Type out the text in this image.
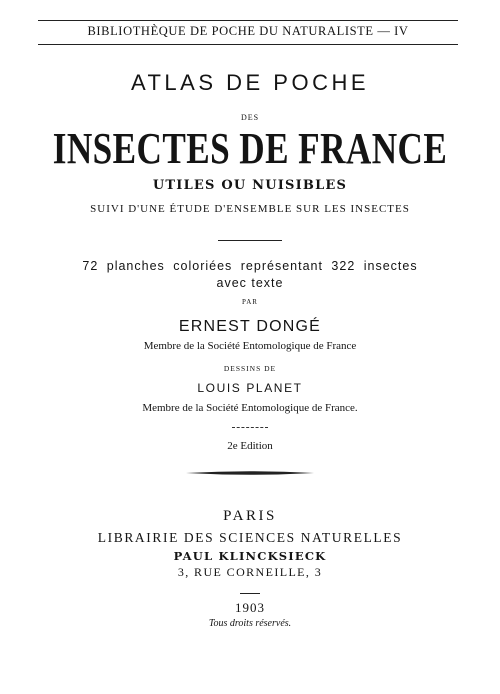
BIBLIOTHÈQUE DE POCHE DU NATURALISTE — IV
ATLAS DE POCHE
DES
INSECTES DE FRANCE
UTILES OU NUISIBLES
SUIVI D'UNE ÉTUDE D'ENSEMBLE SUR LES INSECTES
72 planches coloriées représentant 322 insectes
avec texte
PAR
ERNEST DONGÉ
Membre de la Société Entomologique de France
DESSINS DE
LOUIS PLANET
Membre de la Société Entomologique de France.
2e Edition
PARIS
LIBRAIRIE DES SCIENCES NATURELLES
PAUL KLINCKSIECK
3, RUE CORNEILLE, 3
1903
Tous droits réservés.
